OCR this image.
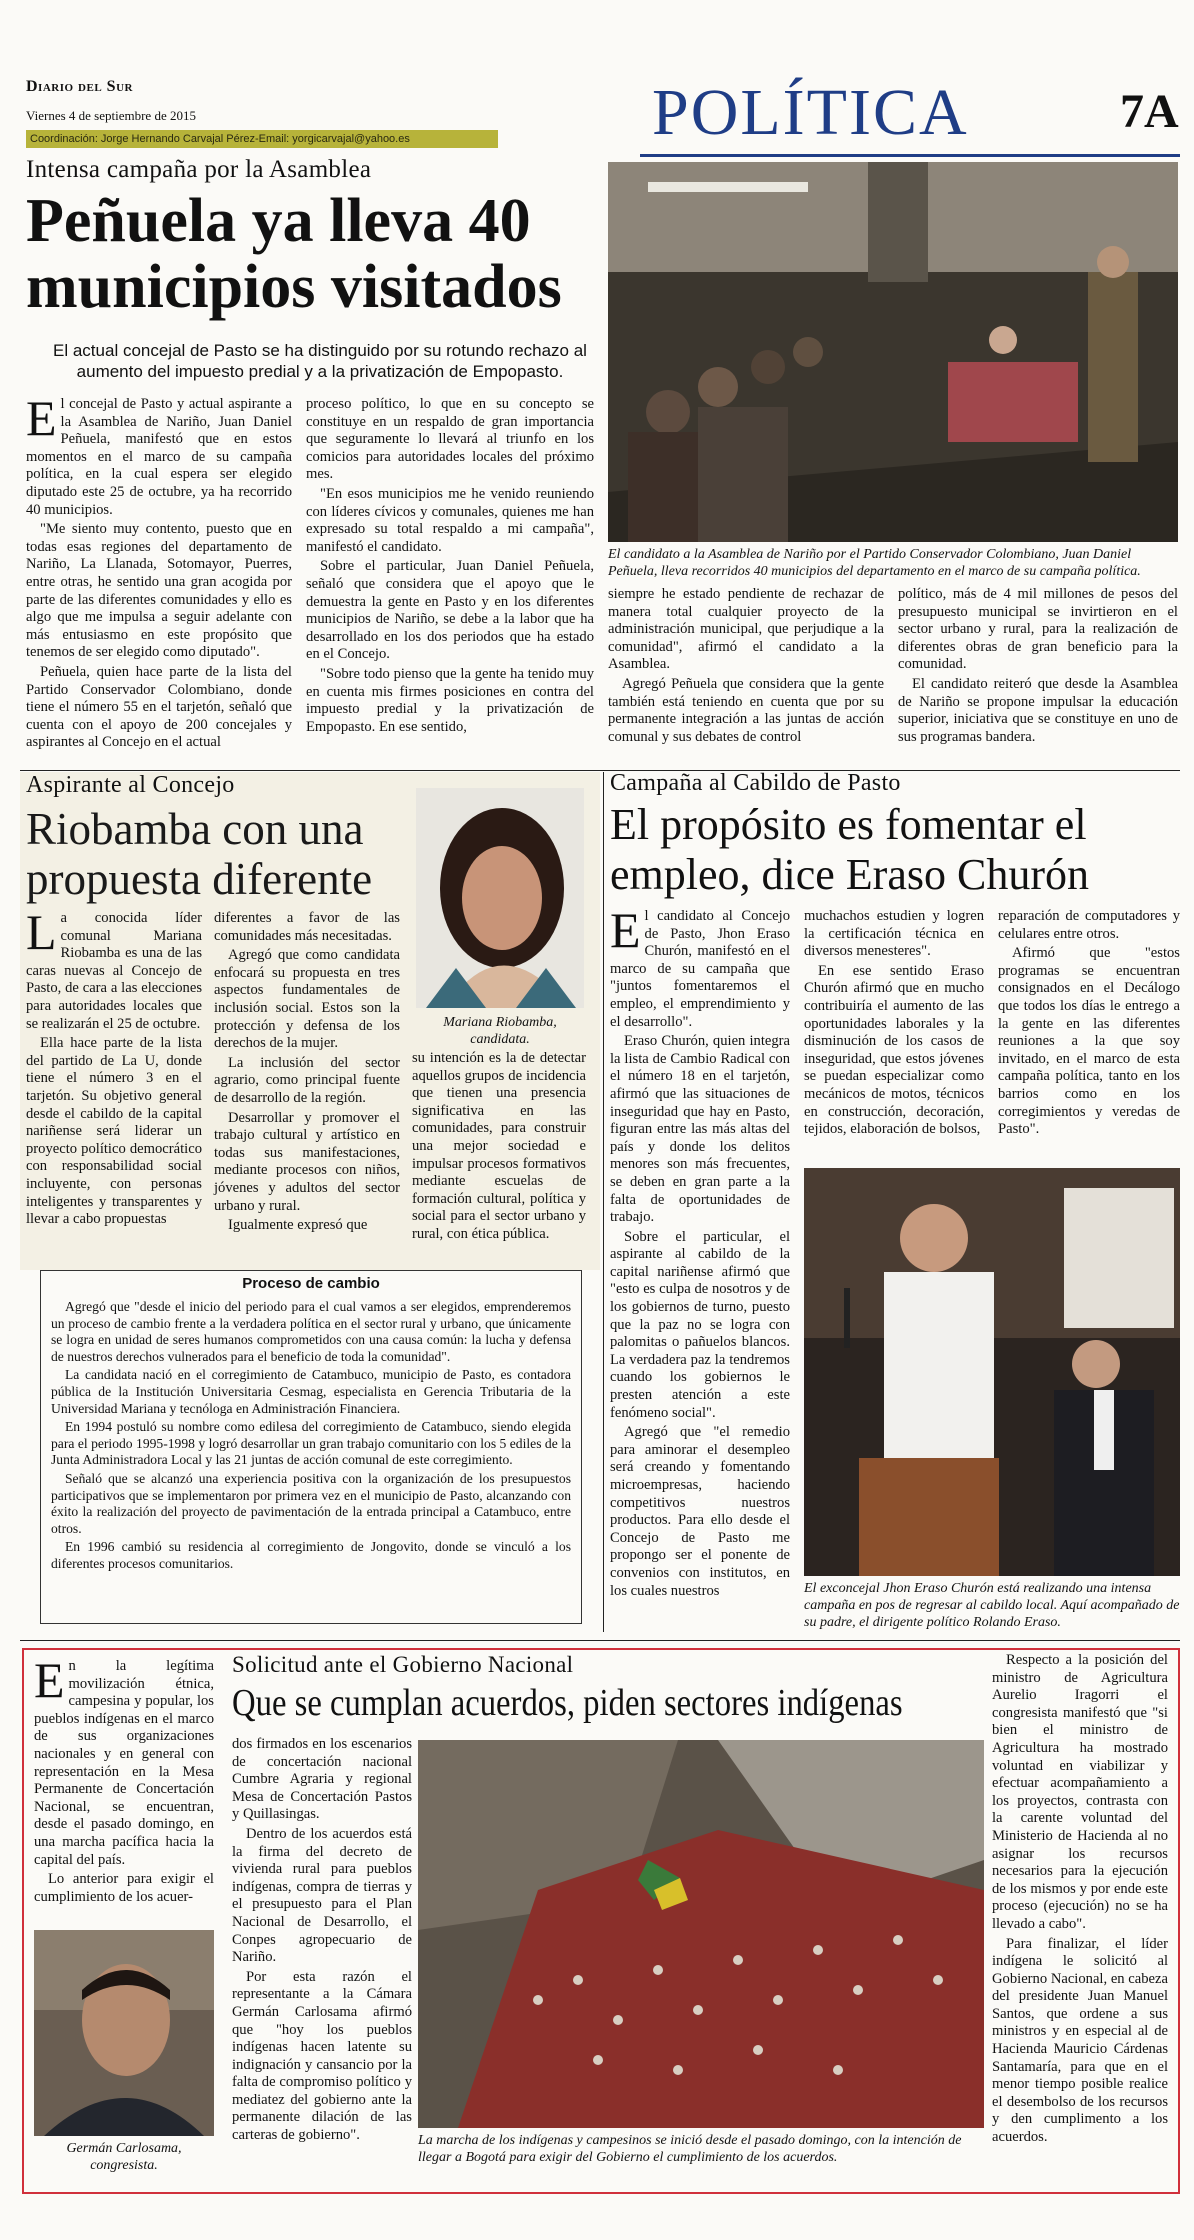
Diario del Sur
Viernes 4 de septiembre de 2015
Coordinación: Jorge Hernando Carvajal Pérez-Email: yorgicarvajal@yahoo.es	POLÍTICA	7A
Intensa campaña por la Asamblea
Peñuela ya lleva 40 municipios visitados
El actual concejal de Pasto se ha distinguido por su rotundo rechazo al aumento del impuesto predial y a la privatización de Empopasto.
El candidato a la Asamblea de Nariño por el Partido Conservador Colombiano, Juan Daniel Peñuela, lleva recorridos 40 municipios del departamento en el marco de su campaña política.

El concejal de Pasto y actual aspirante a la Asamblea de Nariño, Juan Daniel Peñuela, manifestó que en estos momentos en el marco de su campaña política, en la cual espera ser elegido diputado este 25 de octubre, ya ha recorrido 40 municipios.

"Me siento muy contento, puesto que en todas esas regiones del departamento de Nariño, La Llanada, Sotomayor, Puerres, entre otras, he sentido una gran acogida por parte de las diferentes comunidades y ello es algo que me impulsa a seguir adelante con más entusiasmo en este propósito que tenemos de ser elegido como diputado".

Peñuela, quien hace parte de la lista del Partido Conservador Colombiano, donde tiene el número 55 en el tarjetón, señaló que cuenta con el apoyo de 200 concejales y aspirantes al Concejo en el actual

proceso político, lo que en su concepto se constituye en un respaldo de gran importancia que seguramente lo llevará al triunfo en los comicios para autoridades locales del próximo mes.

"En esos municipios me he venido reuniendo con líderes cívicos y comunales, quienes me han expresado su total respaldo a mi campaña", manifestó el candidato.

Sobre el particular, Juan Daniel Peñuela, señaló que considera que el apoyo que le demuestra la gente en Pasto y en los diferentes municipios de Nariño, se debe a la labor que ha desarrollado en los dos periodos que ha estado en el Concejo.

"Sobre todo pienso que la gente ha tenido muy en cuenta mis firmes posiciones en contra del impuesto predial y la privatización de Empopasto. En ese sentido,

siempre he estado pendiente de rechazar de manera total cualquier proyecto de la administración municipal, que perjudique a la comunidad", afirmó el candidato a la Asamblea.

Agregó Peñuela que considera que la gente también está teniendo en cuenta que por su permanente integración a las juntas de acción comunal y sus debates de control

político, más de 4 mil millones de pesos del presupuesto municipal se invirtieron en el sector urbano y rural, para la realización de diferentes obras de gran beneficio para la comunidad.

El candidato reiteró que desde la Asamblea de Nariño se propone impulsar la educación superior, iniciativa que se constituye en uno de sus programas bandera.

Aspirante al Concejo
Riobamba con una propuesta diferente
Mariana Riobamba, candidata.

La conocida líder comunal Mariana Riobamba es una de las caras nuevas al Concejo de Pasto, de cara a las elecciones para autoridades locales que se realizarán el 25 de octubre.

Ella hace parte de la lista del partido de La U, donde tiene el número 3 en el tarjetón. Su objetivo general desde el cabildo de la capital nariñense será liderar un proyecto político democrático con responsabilidad social incluyente, con personas inteligentes y transparentes y llevar a cabo propuestas

diferentes a favor de las comunidades más necesitadas.

Agregó que como candidata enfocará su propuesta en tres aspectos fundamentales de inclusión social. Estos son la protección y defensa de los derechos de la mujer.

La inclusión del sector agrario, como principal fuente de desarrollo de la región.

Desarrollar y promover el trabajo cultural y artístico en todas sus manifestaciones, mediante procesos con niños, jóvenes y adultos del sector urbano y rural.

Igualmente expresó que

su intención es la de detectar aquellos grupos de incidencia que tienen una presencia significativa en las comunidades, para construir una mejor sociedad e impulsar procesos formativos mediante escuelas de formación cultural, política y social para el sector urbano y rural, con ética pública.

Proceso de cambio

Agregó que "desde el inicio del periodo para el cual vamos a ser elegidos, emprenderemos un proceso de cambio frente a la verdadera política en el sector rural y urbano, que únicamente se logra en unidad de seres humanos comprometidos con una causa común: la lucha y defensa de nuestros derechos vulnerados para el beneficio de toda la comunidad".

La candidata nació en el corregimiento de Catambuco, municipio de Pasto, es contadora pública de la Institución Universitaria Cesmag, especialista en Gerencia Tributaria de la Universidad Mariana y tecnóloga en Administración Financiera.

En 1994 postuló su nombre como edilesa del corregimiento de Catambuco, siendo elegida para el periodo 1995-1998 y logró desarrollar un gran trabajo comunitario con los 5 ediles de la Junta Administradora Local y las 21 juntas de acción comunal de este corregimiento.

Señaló que se alcanzó una experiencia positiva con la organización de los presupuestos participativos que se implementaron por primera vez en el municipio de Pasto, alcanzando con éxito la realización del proyecto de pavimentación de la entrada principal a Catambuco, entre otros.

En 1996 cambió su residencia al corregimiento de Jongovito, donde se vinculó a los diferentes procesos comunitarios.

Campaña al Cabildo de Pasto
El propósito es fomentar el empleo, dice Eraso Churón

El candidato al Concejo de Pasto, Jhon Eraso Churón, manifestó en el marco de su campaña que "juntos fomentaremos el empleo, el emprendimiento y el desarrollo".

Eraso Churón, quien integra la lista de Cambio Radical con el número 18 en el tarjetón, afirmó que las situaciones de inseguridad que hay en Pasto, figuran entre las más altas del país y donde los delitos menores son más frecuentes, se deben en gran parte a la falta de oportunidades de trabajo.

Sobre el particular, el aspirante al cabildo de la capital nariñense afirmó que "esto es culpa de nosotros y de los gobiernos de turno, puesto que la paz no se logra con palomitas o pañuelos blancos. La verdadera paz la tendremos cuando los gobiernos le presten atención a este fenómeno social".

Agregó que "el remedio para aminorar el desempleo será creando y fomentando microempresas, haciendo competitivos nuestros productos. Para ello desde el Concejo de Pasto me propongo ser el ponente de convenios con institutos, en los cuales nuestros

muchachos estudien y logren la certificación técnica en diversos menesteres".

En ese sentido Eraso Churón afirmó que en mucho contribuiría el aumento de las oportunidades laborales y la disminución de los casos de inseguridad, que estos jóvenes se puedan especializar como mecánicos de motos, técnicos en construcción, decoración, tejidos, elaboración de bolsos,

reparación de computadores y celulares entre otros.

Afirmó que "estos programas se encuentran consignados en el Decálogo que todos los días le entrego a la gente en las diferentes reuniones a la que soy invitado, en el marco de esta campaña política, tanto en los barrios como en los corregimientos y veredas de Pasto".

El exconcejal Jhon Eraso Churón está realizando una intensa campaña en pos de regresar al cabildo local. Aquí acompañado de su padre, el dirigente político Rolando Eraso.
Solicitud ante el Gobierno Nacional
Que se cumplan acuerdos, piden sectores indígenas

En la legítima movilización étnica, campesina y popular, los pueblos indígenas en el marco de sus organizaciones nacionales y en general con representación en la Mesa Permanente de Concertación Nacional, se encuentran, desde el pasado domingo, en una marcha pacífica hacia la capital del país.

Lo anterior para exigir el cumplimiento de los acuer-

Germán Carlosama, congresista.

dos firmados en los escenarios de concertación nacional Cumbre Agraria y regional Mesa de Concertación Pastos y Quillasingas.

Dentro de los acuerdos está la firma del decreto de vivienda rural para pueblos indígenas, compra de tierras y el presupuesto para el Plan Nacional de Desarrollo, el Conpes agropecuario de Nariño.

Por esta razón el representante a la Cámara Germán Carlosama afirmó que "hoy los pueblos indígenas hacen latente su indignación y cansancio por la falta de compromiso político y mediatez del gobierno ante la permanente dilación de las carteras de gobierno".	La marcha de los indígenas y campesinos se inició desde el pasado domingo, con la intención de llegar a Bogotá para exigir del Gobierno el cumplimiento de los acuerdos.

Respecto a la posición del ministro de Agricultura Aurelio Iragorri el congresista manifestó que "si bien el ministro de Agricultura ha mostrado voluntad en viabilizar y efectuar acompañamiento a los proyectos, contrasta con la carente voluntad del Ministerio de Hacienda al no asignar los recursos necesarios para la ejecución de los mismos y por ende este proceso (ejecución) no se ha llevado a cabo".

Para finalizar, el líder indígena le solicitó al Gobierno Nacional, en cabeza del presidente Juan Manuel Santos, que ordene a sus ministros y en especial al de Hacienda Mauricio Cárdenas Santamaría, para que en el menor tiempo posible realice el desembolso de los recursos y den cumplimento a los acuerdos.
